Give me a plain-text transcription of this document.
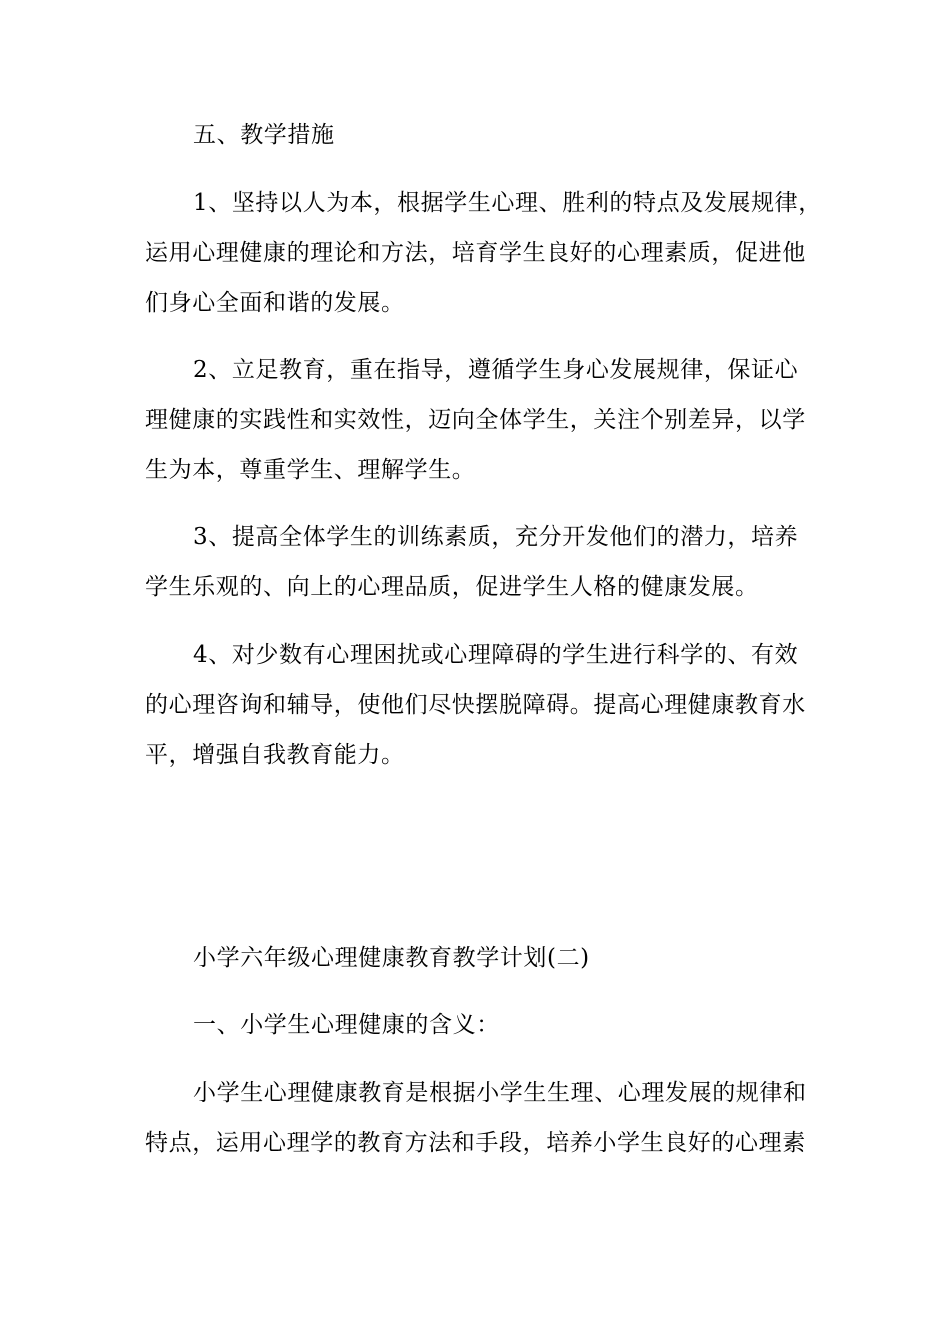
五、教学措施
1、坚持以人为本，根据学生心理、胜利的特点及发展规律，
运用心理健康的理论和方法，培育学生良好的心理素质，促进他
们身心全面和谐的发展。
2、立足教育，重在指导，遵循学生身心发展规律，保证心
理健康的实践性和实效性，迈向全体学生，关注个别差异，以学
生为本，尊重学生、理解学生。
3、提高全体学生的训练素质，充分开发他们的潜力，培养
学生乐观的、向上的心理品质，促进学生人格的健康发展。
4、对少数有心理困扰或心理障碍的学生进行科学的、有效
的心理咨询和辅导，使他们尽快摆脱障碍。提高心理健康教育水
平，增强自我教育能力。
小学六年级心理健康教育教学计划(二)
一、小学生心理健康的含义：
小学生心理健康教育是根据小学生生理、心理发展的规律和
特点，运用心理学的教育方法和手段，培养小学生良好的心理素
